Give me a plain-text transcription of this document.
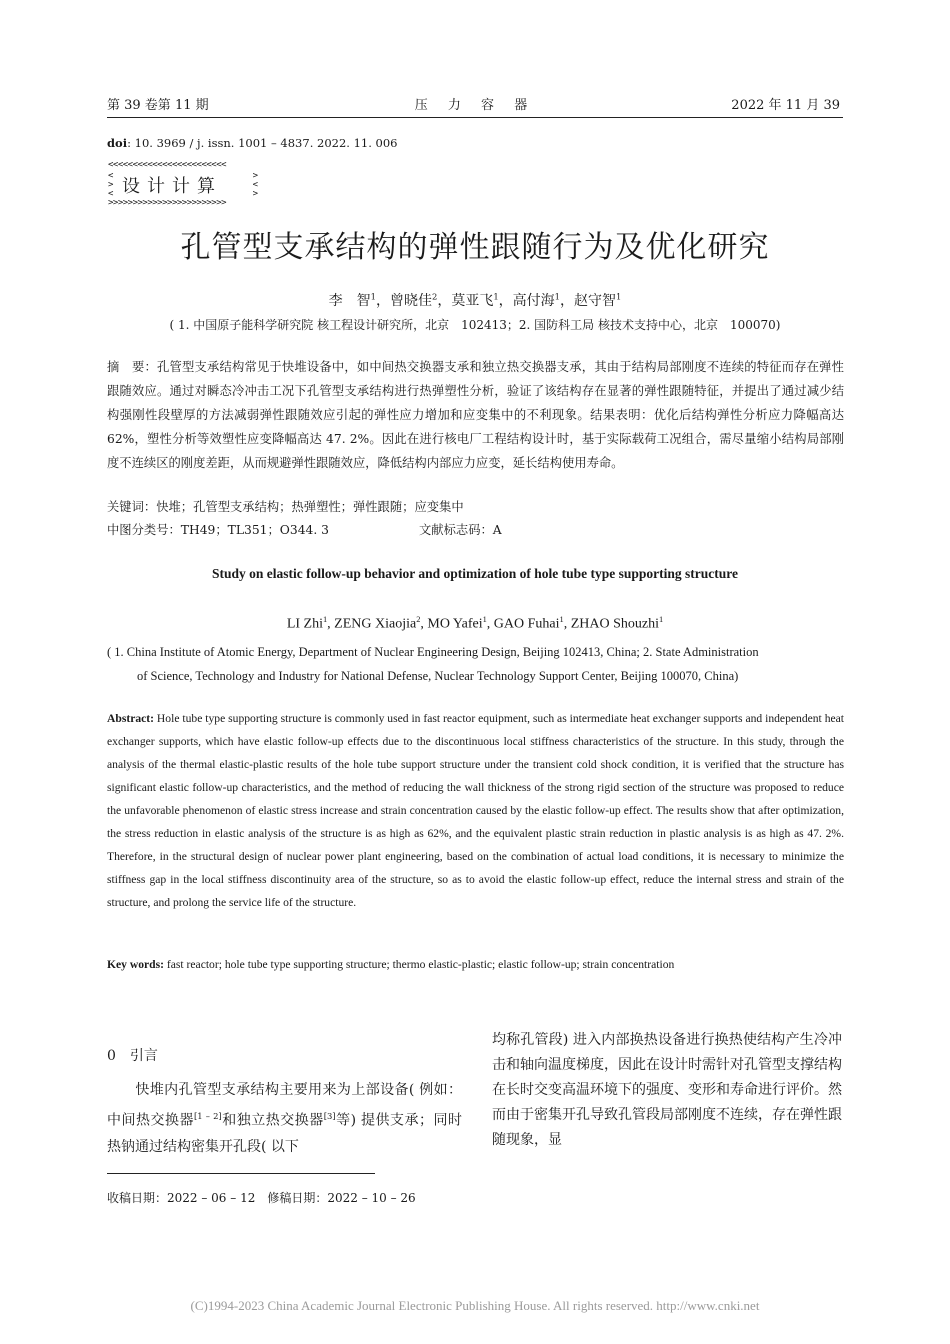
第 39 卷第 11 期	压 力 容 器	2022 年 11 月 39
doi: 10. 3969 / j. issn. 1001 – 4837. 2022. 11. 006
<<<<<<<<<<<<<<<<<<<<<<<<
<
>
< 设计计算	>
<
>
>>>>>>>>>>>>>>>>>>>>>>>>
孔管型支承结构的弹性跟随行为及优化研究
李　智$^1$，曾晓佳$^2$，莫亚飞$^1$，高付海$^1$，赵守智$^1$
( 1. 中国原子能科学研究院 核工程设计研究所，北京　102413；2. 国防科工局 核技术支持中心，北京　100070)
摘　要：孔管型支承结构常见于快堆设备中，如中间热交换器支承和独立热交换器支承，其由于结构局部刚度不连续的特征而存在弹性跟随效应。通过对瞬态冷冲击工况下孔管型支承结构进行热弹塑性分析，验证了该结构存在显著的弹性跟随特征，并提出了通过减少结构强刚性段壁厚的方法减弱弹性跟随效应引起的弹性应力增加和应变集中的不利现象。结果表明：优化后结构弹性分析应力降幅高达 62%，塑性分析等效塑性应变降幅高达 47. 2%。因此在进行核电厂工程结构设计时，基于实际载荷工况组合，需尽量缩小结构局部刚度不连续区的刚度差距，从而规避弹性跟随效应，降低结构内部应力应变，延长结构使用寿命。
关键词：快堆；孔管型支承结构；热弹塑性；弹性跟随；应变集中
中图分类号：TH49；TL351；O344. 3	文献标志码：A
Study on elastic follow-up behavior and optimization of hole tube type supporting structure
LI Zhi$^1$, ZENG Xiaojia$^2$, MO Yafei$^1$, GAO Fuhai$^1$, ZHAO Shouzhi$^1$
( 1. China Institute of Atomic Energy, Department of Nuclear Engineering Design, Beijing 102413, China; 2. State Administration
of Science, Technology and Industry for National Defense, Nuclear Technology Support Center, Beijing 100070, China)
Abstract: Hole tube type supporting structure is commonly used in fast reactor equipment, such as intermediate heat exchanger supports and independent heat exchanger supports, which have elastic follow-up effects due to the discontinuous local stiffness characteristics of the structure. In this study, through the analysis of the thermal elastic-plastic results of the hole tube support structure under the transient cold shock condition, it is verified that the structure has significant elastic follow-up characteristics, and the method of reducing the wall thickness of the strong rigid section of the structure was proposed to reduce the unfavorable phenomenon of elastic stress increase and strain concentration caused by the elastic follow-up effect. The results show that after optimization, the stress reduction in elastic analysis of the structure is as high as 62%, and the equivalent plastic strain reduction in plastic analysis is as high as 47. 2%. Therefore, in the structural design of nuclear power plant engineering, based on the combination of actual load conditions, it is necessary to minimize the stiffness gap in the local stiffness discontinuity area of the structure, so as to avoid the elastic follow-up effect, reduce the internal stress and strain of the structure, and prolong the service life of the structure.
Key words: fast reactor; hole tube type supporting structure; thermo elastic-plastic; elastic follow-up; strain concentration
0　引言
快堆内孔管型支承结构主要用来为上部设备( 例如：中间热交换器[1 – 2]和独立热交换器[3]等) 提供支承；同时热钠通过结构密集开孔段( 以下
均称孔管段) 进入内部换热设备进行换热使结构产生冷冲击和轴向温度梯度，因此在设计时需针对孔管型支撑结构在长时交变高温环境下的强度、变形和寿命进行评价。然而由于密集开孔导致孔管段局部刚度不连续，存在弹性跟随现象，显
收稿日期：2022 – 06 – 12　修稿日期：2022 – 10 – 26
(C)1994-2023 China Academic Journal Electronic Publishing House. All rights reserved. http://www.cnki.net
